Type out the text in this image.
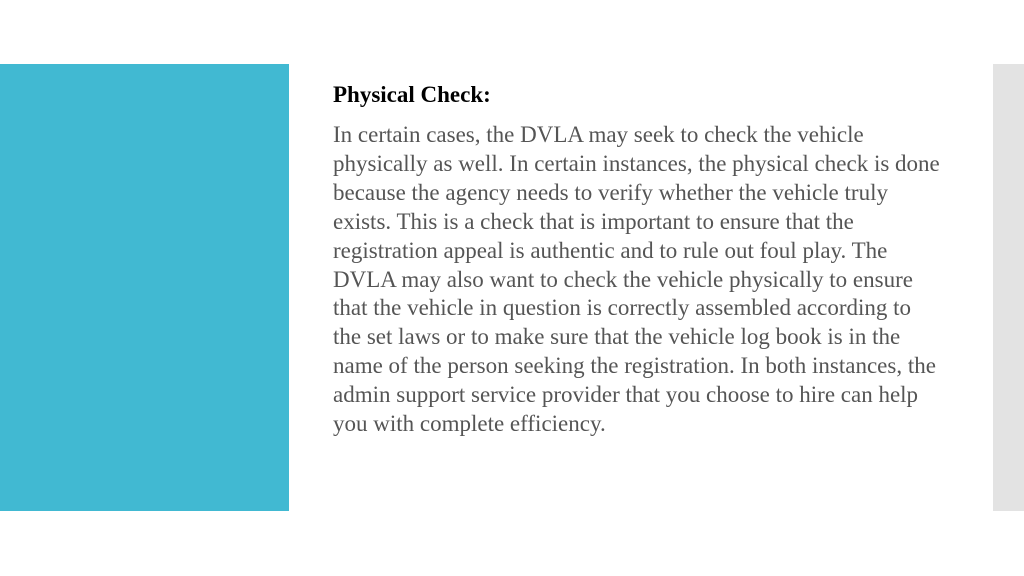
Physical Check:

In certain cases, the DVLA may seek to check the vehicle physically as well. In certain instances, the physical check is done because the agency needs to verify whether the vehicle truly exists. This is a check that is important to ensure that the registration appeal is authentic and to rule out foul play. The DVLA may also want to check the vehicle physically to ensure that the vehicle in question is correctly assembled according to the set laws or to make sure that the vehicle log book is in the name of the person seeking the registration. In both instances, the admin support service provider that you choose to hire can help you with complete efficiency.
